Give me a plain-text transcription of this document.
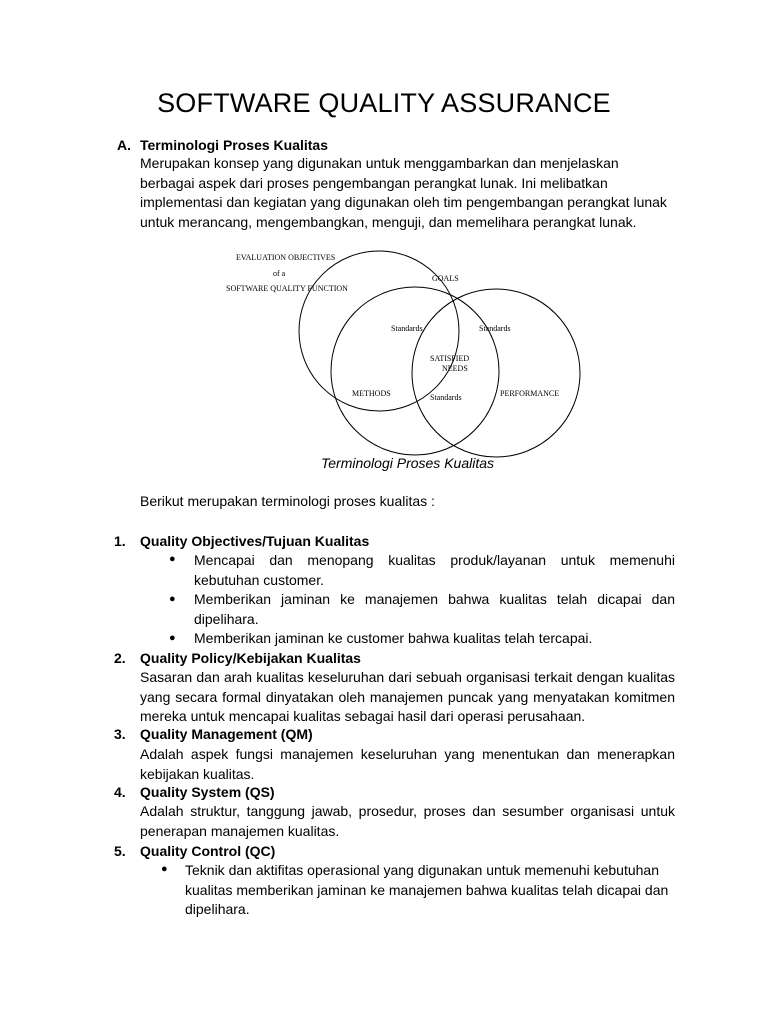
SOFTWARE QUALITY ASSURANCE
A. Terminologi Proses Kualitas

Merupakan konsep yang digunakan untuk menggambarkan dan menjelaskan berbagai aspek dari proses pengembangan perangkat lunak. Ini melibatkan implementasi dan kegiatan yang digunakan oleh tim pengembangan perangkat lunak untuk merancang, mengembangkan, menguji, dan memelihara perangkat lunak.

EVALUATION OBJECTIVES
of a
SOFTWARE QUALITY FUNCTION
GOALS
Standards	Standards
SATISFIED
NEEDS
METHODS	PERFORMANCE
Standards
Terminologi Proses Kualitas
Berikut merupakan terminologi proses kualitas :
1. Quality Objectives/Tujuan Kualitas
● Mencapai dan menopang kualitas produk/layanan untuk memenuhi kebutuhan customer.

● Memberikan jaminan ke manajemen bahwa kualitas telah dicapai dan dipelihara.

● Memberikan jaminan ke customer bahwa kualitas telah tercapai.

2. Quality Policy/Kebijakan Kualitas

Sasaran dan arah kualitas keseluruhan dari sebuah organisasi terkait dengan kualitas yang secara formal dinyatakan oleh manajemen puncak yang menyatakan komitmen mereka untuk mencapai kualitas sebagai hasil dari operasi perusahaan.

3. Quality Management (QM)

Adalah aspek fungsi manajemen keseluruhan yang menentukan dan menerapkan kebijakan kualitas.

4. Quality System (QS)

Adalah struktur, tanggung jawab, prosedur, proses dan sesumber organisasi untuk penerapan manajemen kualitas.

5. Quality Control (QC)
● Teknik dan aktifitas operasional yang digunakan untuk memenuhi kebutuhan kualitas memberikan jaminan ke manajemen bahwa kualitas telah dicapai dan dipelihara.
